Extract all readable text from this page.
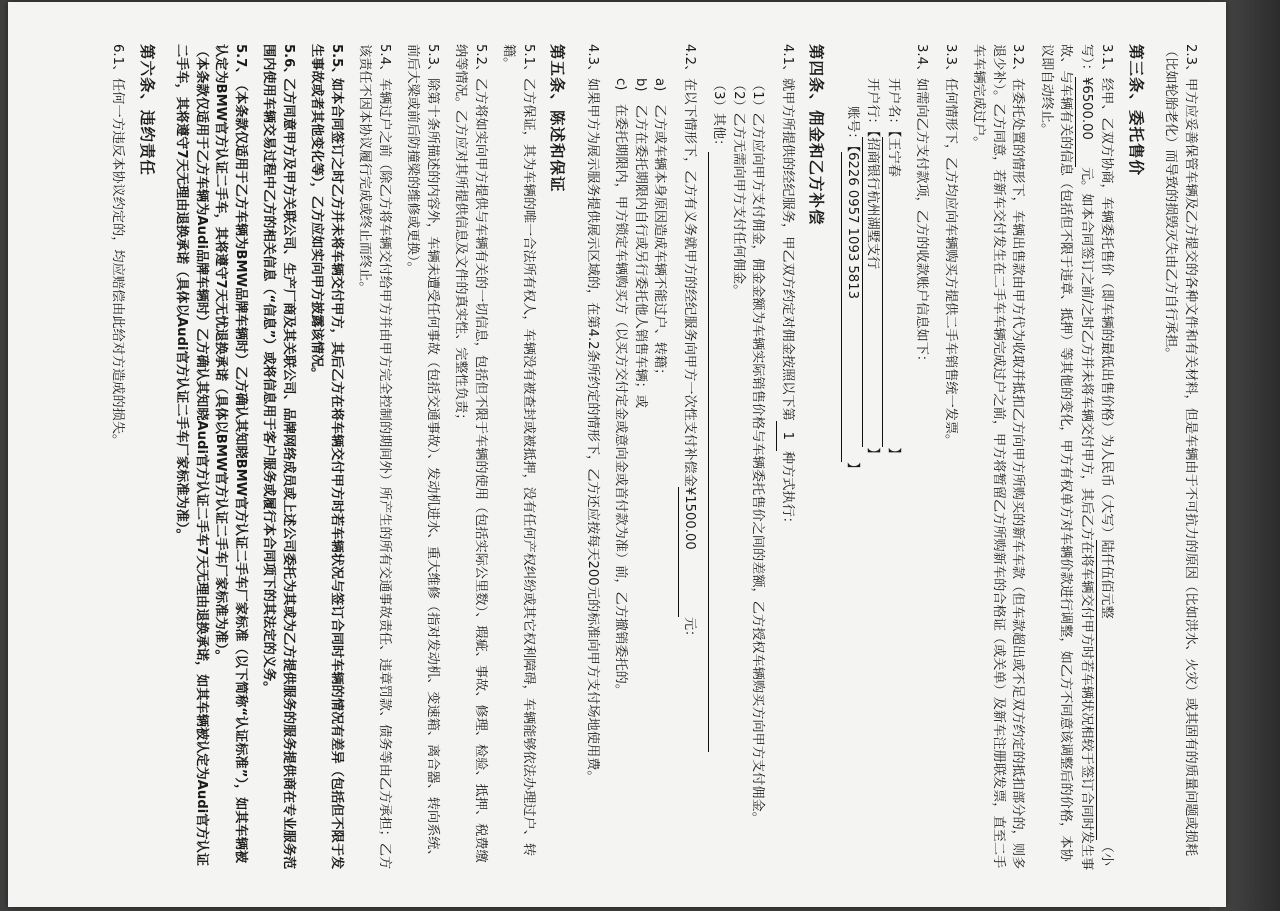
2.3、甲方应妥善保管车辆及乙方提交的各种文件和有关材料，但是车辆由于不可抗力的原因（比如洪水、火灾）或其固有的质量问题或损耗（比如轮胎老化）而导致的损毁灭失由乙方自行承担。
第三条、委托售价
3.1、经甲、乙双方协商，车辆委托售价（即车辆的最低出售价格）为人民币（大写）陆仟伍佰元整（小写）：¥6500.00元。如本合同签订之前/之时乙方并未将车辆交付甲方，其后乙方在将车辆交付甲方时若车辆状况相较于签订合同时发生事故、与车辆有关的信息（包括但不限于违章、抵押）等其他的变化，甲方有权单方对车辆价款进行调整，如乙方不同意该调整后的价格，本协议即自动终止。
3.2、在委托处置的情形下，车辆出售款由甲方代为收取并抵扣乙方向甲方所购买的新车车款（但车款超出或不足双方约定的抵扣部分的，则多退少补）。乙方同意，若新车交付发生在二手车车辆完成过户之前，甲方将暂留乙方所购新车的合格证（或关单）及新车注册联发票，直至二手车车辆完成过户。
3.3、任何情形下，乙方均应向车辆购买方提供二手车销售统一发票。
3.4、如需向乙方支付款项，乙方的收款账户信息如下：
开户名：【王宁春】
开户行：【招商银行杭州湖墅支行】
账号：【6226 0957 1093 5813】
第四条、佣金和乙方补偿
4.1、就甲方所提供的经纪服务，甲乙双方约定对佣金按照以下第1种方式执行：
（1）乙方应向甲方支付佣金，佣金金额为车辆实际销售价格与车辆委托售价之间的差额，乙方授权车辆购买方向甲方支付佣金。
（2）乙方无需向甲方支付任何佣金。
（3）其他：
4.2、在以下情形下，乙方有义务就甲方的经纪服务向甲方一次性支付补偿金¥1500.00元：
a)　乙方或车辆本身原因造成车辆不能过户、转籍；
b)　乙方在委托期限内自行或另行委托他人销售车辆；或
c)　在委托期限内，甲方锁定车辆购买方（以买方交付定金或意向金或首付款为准）前，乙方撤销委托的。
4.3、如果甲方为展示服务提供展示区域的，在第4.2条所约定的情形下，乙方还应按每天200元的标准向甲方支付场地使用费。
第五条、陈述和保证
5.1、乙方保证，其为车辆的唯一合法所有权人，车辆没有被查封或被抵押，没有任何产权纠纷或其它权利障碍，车辆能够依法办理过户、转籍。
5.2、乙方将如实向甲方提供与车辆有关的一切信息，包括但不限于车辆的使用（包括实际公里数）、瑕疵、事故、修理、检验、抵押、税费缴纳等情况。乙方应对其所提供信息及文件的真实性、完整性负责；
5.3、除第十条所描述的内容外，车辆未遭受任何事故（包括交通事故）、发动机进水、重大维修（指对发动机、变速箱、离合器、转向系统、前后大梁或前后防撞梁的维修或更换）。
5.4、车辆过户之前（除乙方将车辆交付给甲方并由甲方完全控制的期间外）所产生的所有交通事故责任、违章罚款、债务等由乙方承担；乙方该责任不因本协议履行完成或终止而终止。
5.5、如本合同签订之时乙方并未将车辆交付甲方，其后乙方在将车辆交付甲方时若车辆状况与签订合同时车辆的情况有差异（包括但不限于发生事故或者其他变化等），乙方应如实向甲方披露该情况。
5.6、乙方同意甲方及甲方关联公司、生产厂商及其关联公司、品牌网络成员或上述公司委托为其或为乙方提供服务的服务提供商在专业服务范围内使用车辆交易过程中乙方的相关信息（“信息”）或将信息用于客户服务或履行本合同项下的其法定的义务。
5.7、（本条款仅适用于乙方车辆为BMW品牌车辆时）乙方确认其知晓BMW官方认证二手车厂家标准（以下简称“认证标准”），如其车辆被认定为BMW官方认证二手车，其将遵守7天无忧退换承诺（具体以BMW官方认证二手车厂家标准为准）。
（本条款仅适用于乙方车辆为Audi品牌车辆时）乙方确认其知晓Audi官方认证二手车7天无理由退换承诺，如其车辆被认定为Audi官方认证二手车，其将遵守7天无理由退换承诺（具体以Audi官方认证二手车厂家标准为准）。
第六条、违约责任
6.1、任何一方违反本协议约定的，均应赔偿由此给对方造成的损失。
